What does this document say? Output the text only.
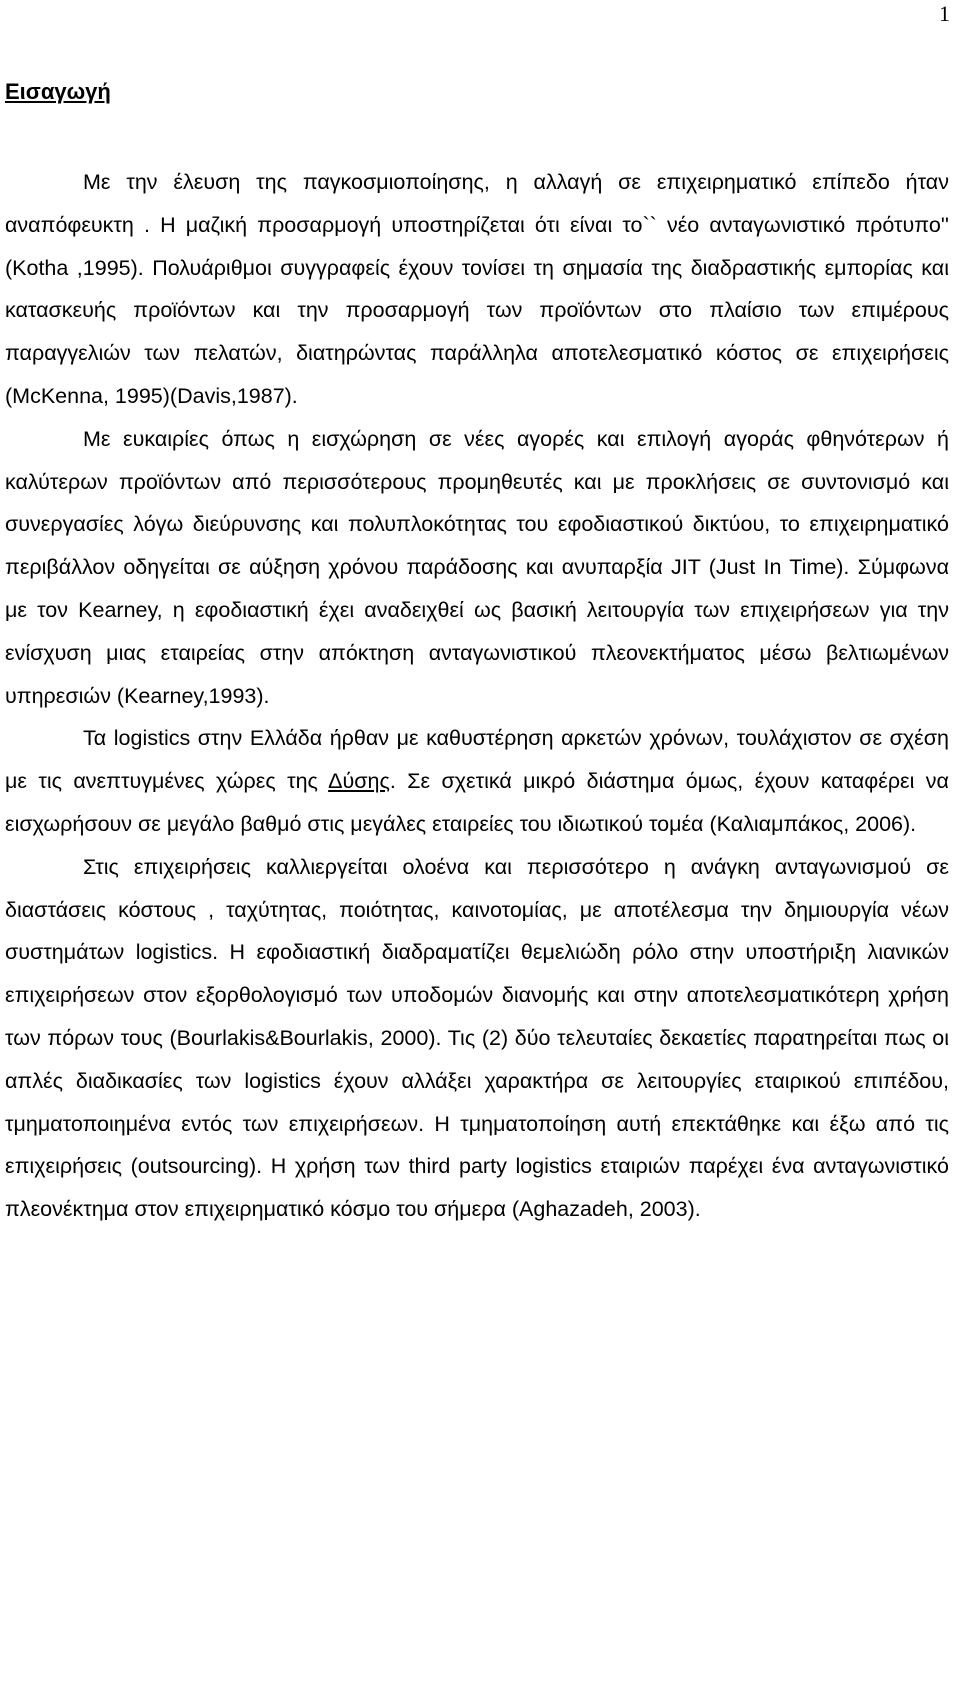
1
Εισαγωγή

Με την έλευση της παγκοσμιοποίησης, η αλλαγή σε επιχειρηματικό επίπεδο ήταν αναπόφευκτη . Η μαζική προσαρμογή υποστηρίζεται ότι είναι το`` νέο ανταγωνιστικό πρότυπο'' (Kotha ,1995). Πολυάριθμοι συγγραφείς έχουν τονίσει τη σημασία της διαδραστικής εμπορίας και κατασκευής προϊόντων και την προσαρμογή των προϊόντων στο πλαίσιο των επιμέρους παραγγελιών των πελατών, διατηρώντας παράλληλα αποτελεσματικό κόστος σε επιχειρήσεις (McKenna, 1995)(Davis,1987).

Με ευκαιρίες όπως η εισχώρηση σε νέες αγορές και επιλογή αγοράς φθηνότερων ή καλύτερων προϊόντων από περισσότερους προμηθευτές και με προκλήσεις σε συντονισμό και συνεργασίες λόγω διεύρυνσης και πολυπλοκότητας του εφοδιαστικού δικτύου, το επιχειρηματικό περιβάλλον οδηγείται σε αύξηση χρόνου παράδοσης και ανυπαρξία JIT (Just In Time). Σύμφωνα με τον Kearney, η εφοδιαστική έχει αναδειχθεί ως βασική λειτουργία των επιχειρήσεων για την ενίσχυση μιας εταιρείας στην απόκτηση ανταγωνιστικού πλεονεκτήματος μέσω βελτιωμένων υπηρεσιών (Kearney,1993).

Τα logistics στην Ελλάδα ήρθαν με καθυστέρηση αρκετών χρόνων, τουλάχιστον σε σχέση με τις ανεπτυγμένες χώρες της Δύσης. Σε σχετικά μικρό διάστημα όμως, έχουν καταφέρει να εισχωρήσουν σε μεγάλο βαθμό στις μεγάλες εταιρείες του ιδιωτικού τομέα (Καλιαμπάκος, 2006).

Στις επιχειρήσεις καλλιεργείται ολοένα και περισσότερο η ανάγκη ανταγωνισμού σε διαστάσεις κόστους , ταχύτητας, ποιότητας, καινοτομίας, με αποτέλεσμα την δημιουργία νέων συστημάτων logistics. Η εφοδιαστική διαδραματίζει θεμελιώδη ρόλο στην υποστήριξη λιανικών επιχειρήσεων στον εξορθολογισμό των υποδομών διανομής και στην αποτελεσματικότερη χρήση των πόρων τους (Bourlakis&Bourlakis, 2000). Τις (2) δύο τελευταίες δεκαετίες παρατηρείται πως οι απλές διαδικασίες των logistics έχουν αλλάξει χαρακτήρα σε λειτουργίες εταιρικού επιπέδου, τμηματοποιημένα εντός των επιχειρήσεων. Η τμηματοποίηση αυτή επεκτάθηκε και έξω από τις επιχειρήσεις (outsourcing). Η χρήση των third party logistics εταιριών παρέχει ένα ανταγωνιστικό πλεονέκτημα στον επιχειρηματικό κόσμο του σήμερα (Aghazadeh, 2003).
